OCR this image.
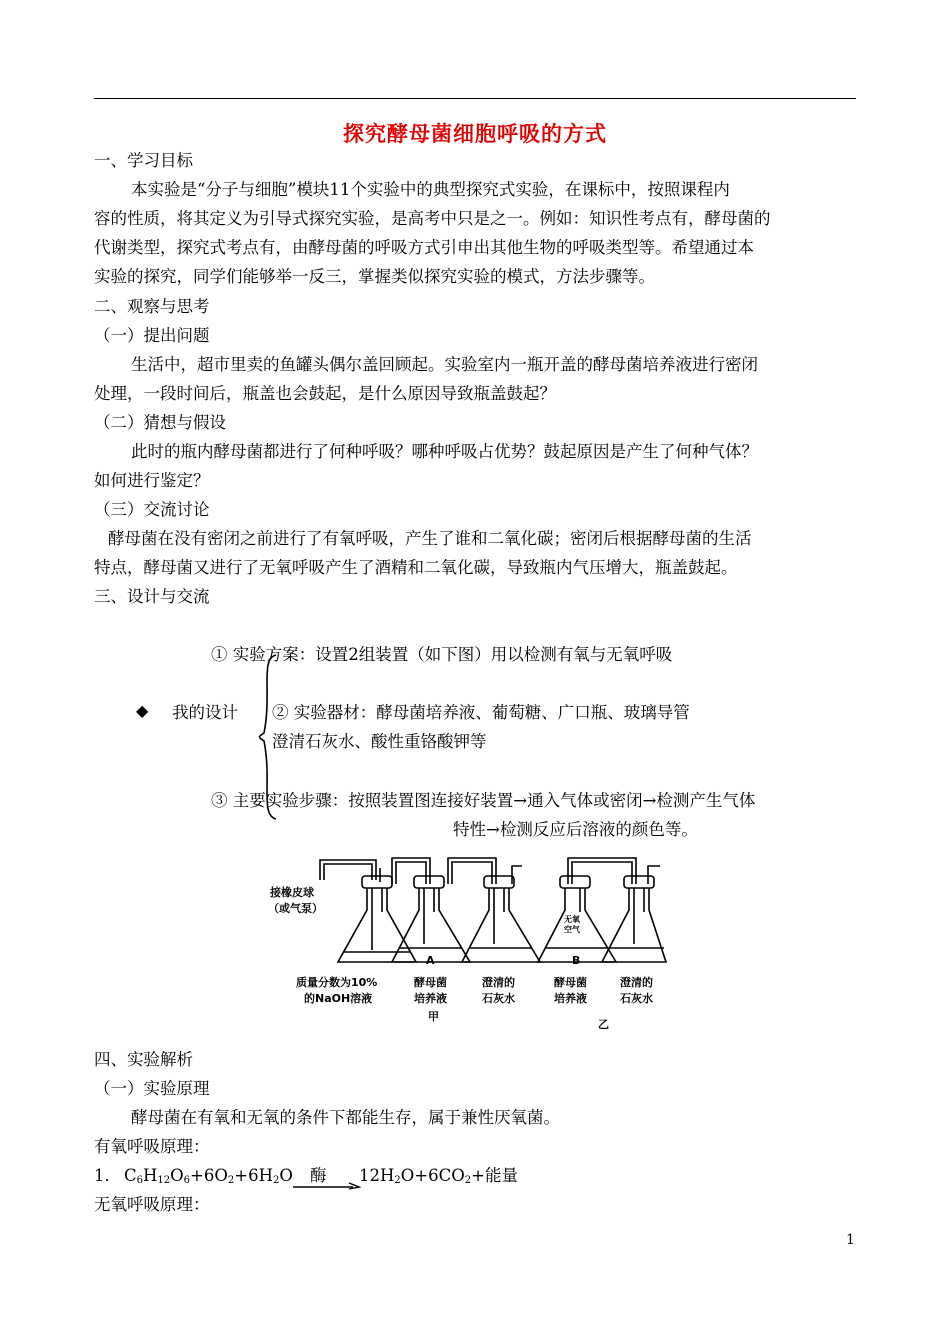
探究酵母菌细胞呼吸的方式
一、学习目标
本实验是“分子与细胞”模块11个实验中的典型探究式实验，在课标中，按照课程内
容的性质，将其定义为引导式探究实验，是高考中只是之一。例如：知识性考点有，酵母菌的
代谢类型，探究式考点有，由酵母菌的呼吸方式引申出其他生物的呼吸类型等。希望通过本
实验的探究，同学们能够举一反三，掌握类似探究实验的模式，方法步骤等。
二、观察与思考
（一）提出问题
生活中，超市里卖的鱼罐头偶尔盖回顾起。实验室内一瓶开盖的酵母菌培养液进行密闭
处理，一段时间后，瓶盖也会鼓起，是什么原因导致瓶盖鼓起？
（二）猜想与假设
此时的瓶内酵母菌都进行了何种呼吸？哪种呼吸占优势？鼓起原因是产生了何种气体？
如何进行鉴定？
（三）交流讨论
酵母菌在没有密闭之前进行了有氧呼吸，产生了谁和二氧化碳；密闭后根据酵母菌的生活
特点，酵母菌又进行了无氧呼吸产生了酒精和二氧化碳，导致瓶内气压增大，瓶盖鼓起。
三、设计与交流
① 实验方案：设置2组装置（如下图）用以检测有氧与无氧呼吸
◆ 我的设计 ② 实验器材：酵母菌培养液、葡萄糖、广口瓶、玻璃导管
澄清石灰水、酸性重铬酸钾等
③ 主要实验步骤：按照装置图连接好装置→通入气体或密闭→检测产生气体
特性→检测反应后溶液的颜色等。
接橡皮球
（或气泵）
A	B
无氧
空气
质量分数为10%
的NaOH溶液
酵母菌
培养液
澄清的
石灰水
酵母菌
培养液
澄清的
石灰水
甲
乙
四、实验解析
（一）实验原理
酵母菌在有氧和无氧的条件下都能生存，属于兼性厌氧菌。
有氧呼吸原理：
1． $C_6H_{12}O_6+6O_2+6H_2O$ 酶 $12H_2O+6CO_2+$能量
无氧呼吸原理：
1
